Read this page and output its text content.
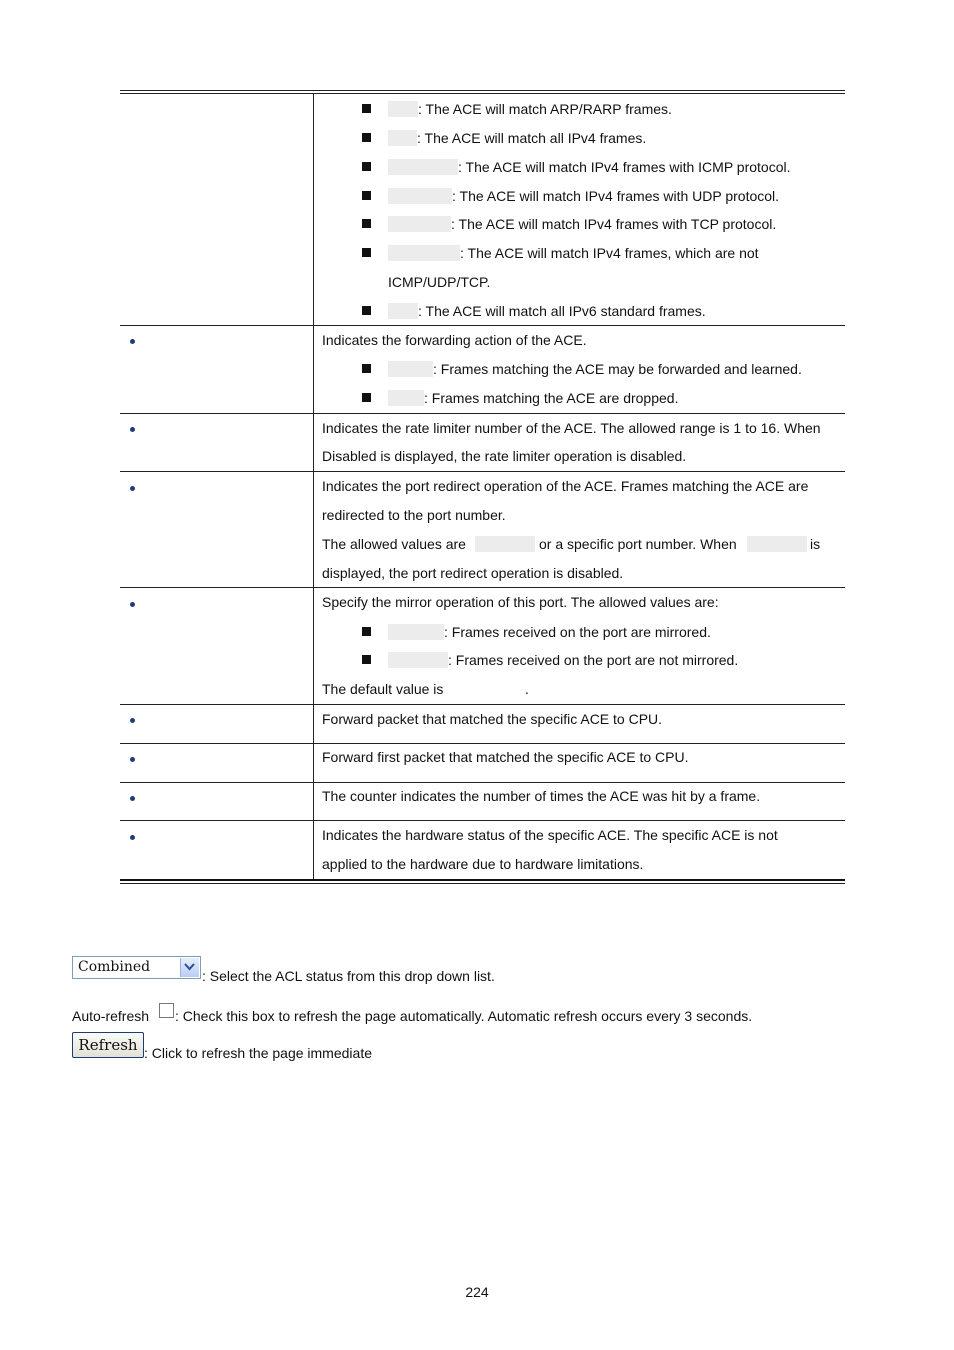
: The ACE will match ARP/RARP frames.
: The ACE will match all IPv4 frames.
: The ACE will match IPv4 frames with ICMP protocol.
: The ACE will match IPv4 frames with UDP protocol.
: The ACE will match IPv4 frames with TCP protocol.
: The ACE will match IPv4 frames, which are not
ICMP/UDP/TCP.
: The ACE will match all IPv6 standard frames.
Indicates the forwarding action of the ACE.
: Frames matching the ACE may be forwarded and learned.
: Frames matching the ACE are dropped.
Indicates the rate limiter number of the ACE. The allowed range is 1 to 16. When
Disabled is displayed, the rate limiter operation is disabled.
Indicates the port redirect operation of the ACE. Frames matching the ACE are
redirected to the port number.
The allowed values are	or a specific port number. When	is
displayed, the port redirect operation is disabled.
Specify the mirror operation of this port. The allowed values are:
: Frames received on the port are mirrored.
: Frames received on the port are not mirrored.
The default value is	.
Forward packet that matched the specific ACE to CPU.
Forward first packet that matched the specific ACE to CPU.
The counter indicates the number of times the ACE was hit by a frame.
Indicates the hardware status of the specific ACE. The specific ACE is not
applied to the hardware due to hardware limitations.
Combined
: Select the ACL status from this drop down list.
Auto-refresh : Check this box to refresh the page automatically. Automatic refresh occurs every 3 seconds.
Refresh : Click to refresh the page immediate
224
